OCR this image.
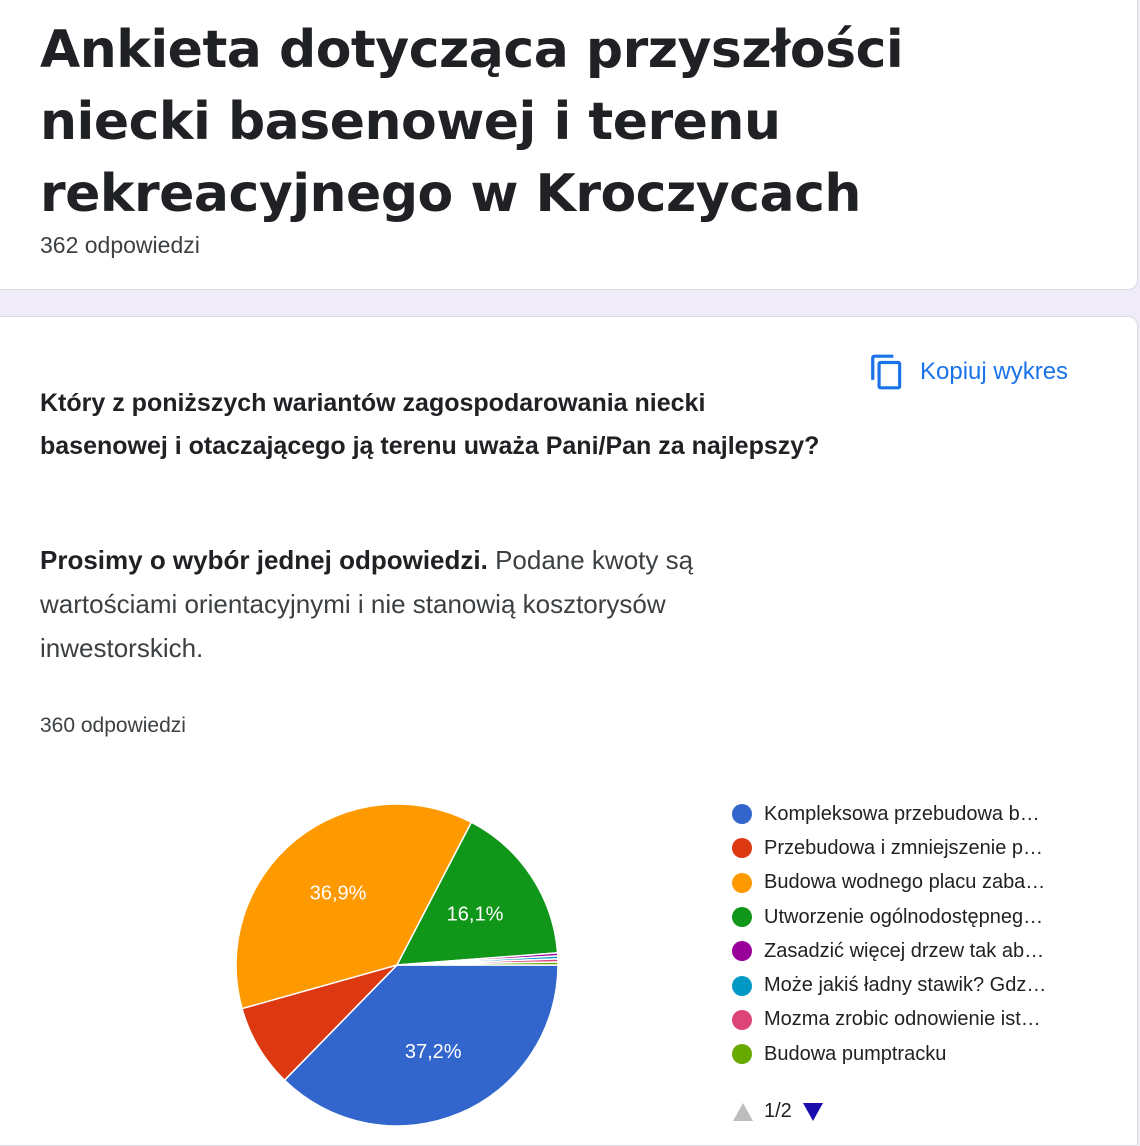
Ankieta dotycząca przyszłości niecki basenowej i terenu rekreacyjnego w Kroczycach
362 odpowiedzi
Kopiuj wykres

Który z poniższych wariantów zagospodarowania niecki basenowej i otaczającego ją terenu uważa Pani/Pan za najlepszy?

Prosimy o wybór jednej odpowiedzi. Podane kwoty są wartościami orientacyjnymi i nie stanowią kosztorysów inwestorskich.

360 odpowiedzi
37,2%
36,9%
16,1%
Kompleksowa przebudowa b…
Przebudowa i zmniejszenie p…
Budowa wodnego placu zaba…
Utworzenie ogólnodostępneg…
Zasadzić więcej drzew tak ab…
Może jakiś ładny stawik? Gdz…
Mozma zrobic odnowienie ist…
Budowa pumptracku
1/2
